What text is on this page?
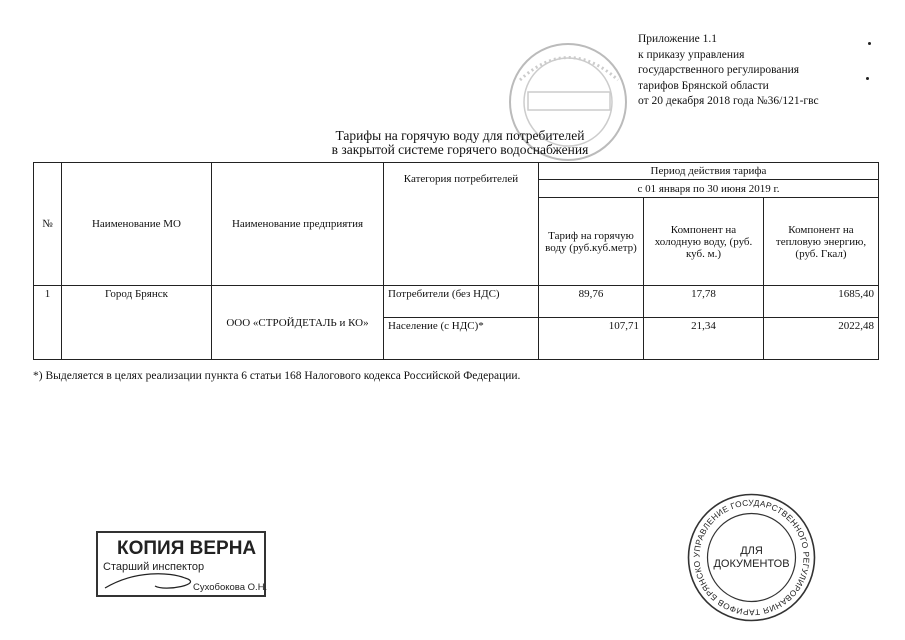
Приложение 1.1
к приказу управления
государственного регулирования
тарифов Брянской области
от 20 декабря 2018 года №36/121-гвс
Тарифы на горячую воду для потребителей
в закрытой системе горячего водоснабжения
№	Наименование МО	Наименование предприятия	Категория потребителей	Период действия тарифа		
				с 01 января по 30 июня 2019 г.		
				Тариф на горячую воду (руб.куб.метр)	Компонент на холодную воду, (руб. куб. м.)	Компонент на тепловую энергию, (руб. Гкал)
1	Город Брянск	ООО «СТРОЙДЕТАЛЬ и КО»	Потребители (без НДС)	89,76	17,78	1685,40
			Население (с НДС)*	107,71	21,34	2022,48
*) Выделяется в целях реализации пункта 6 статьи 168 Налогового кодекса Российской Федерации.
КОПИЯ ВЕРНА
Старший инспектор
Сухобокова О.Н.
УПРАВЛЕНИЕ ГОСУДАРСТВЕННОГО РЕГУЛИРОВАНИЯ ТАРИФОВ БРЯНСКОЙ ОБЛАСТИ
ДЛЯ
ДОКУМЕНТОВ
